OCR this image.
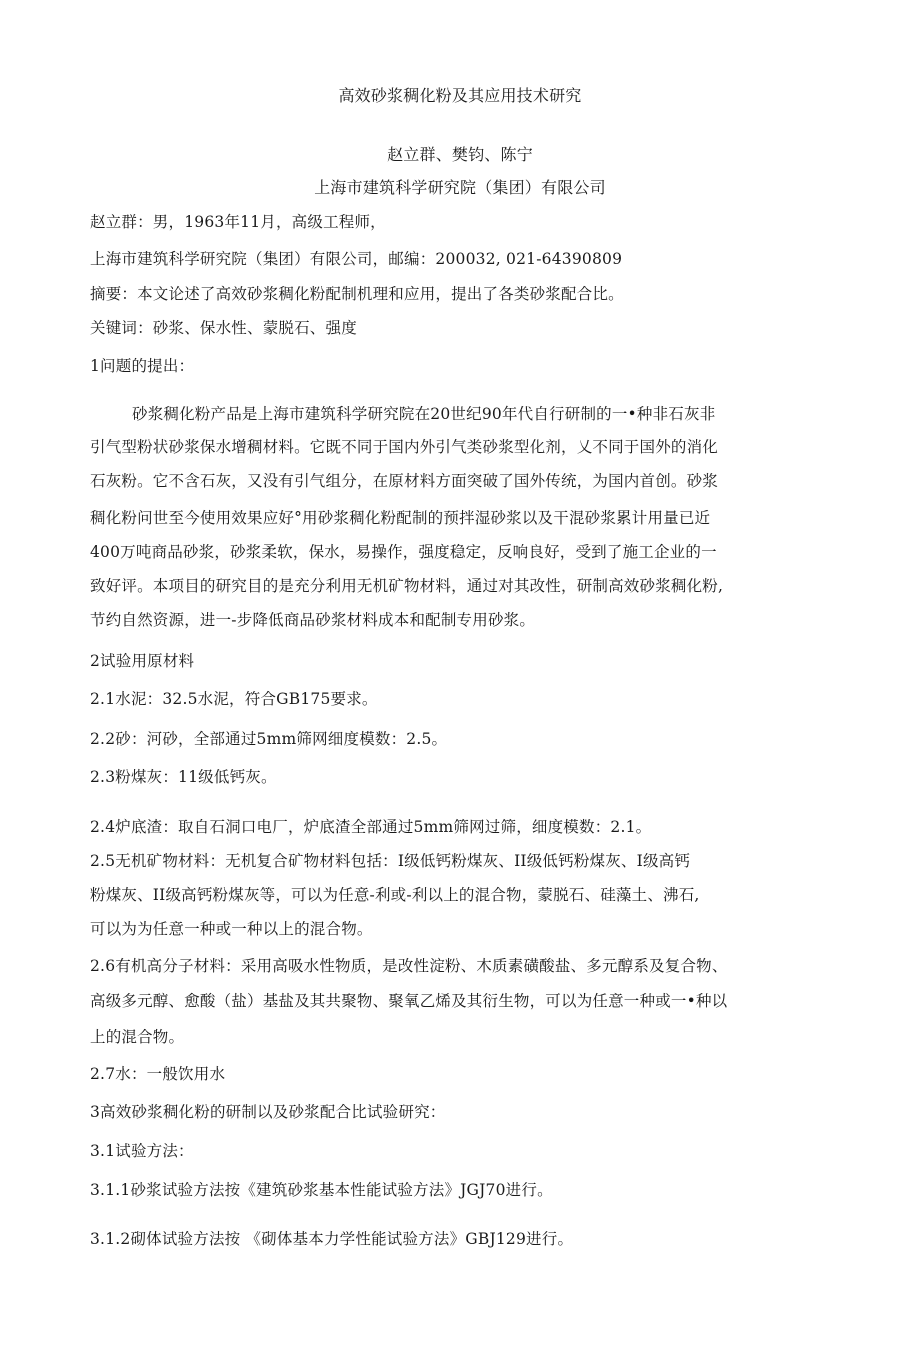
高效砂浆稠化粉及其应用技术研究
赵立群、樊钧、陈宁
上海市建筑科学研究院（集团）有限公司
赵立群：男，1963年11月，高级工程师，
上海市建筑科学研究院（集团）有限公司，邮编：200032, 021-64390809
摘要：本文论述了高效砂浆稠化粉配制机理和应用，提出了各类砂浆配合比。
关键词：砂浆、保水性、蒙脱石、强度
1问题的提出：
砂浆稠化粉产品是上海市建筑科学研究院在20世纪90年代自行研制的一•种非石灰非
引气型粉状砂浆保水增稠材料。它既不同于国内外引气类砂浆型化剂，乂不同于国外的消化
石灰粉。它不含石灰，又没有引气组分，在原材料方面突破了国外传统，为国内首创。砂浆
稠化粉问世至今使用效果应好°用砂浆稠化粉配制的预拌湿砂浆以及干混砂浆累计用量已近
400万吨商品砂浆，砂浆柔软，保水，易操作，强度稳定，反响良好，受到了施工企业的一
致好评。本项目的研究目的是充分利用无机矿物材料，通过对其改性，研制高效砂浆稠化粉,
节约自然资源，进一-步降低商品砂浆材料成本和配制专用砂浆。
2试验用原材料
2.1水泥：32.5水泥，符合GB175要求。
2.2砂：河砂，全部通过5mm筛网细度模数：2.5。
2.3粉煤灰：11级低钙灰。
2.4炉底渣：取自石洞口电厂，炉底渣全部通过5mm筛网过筛，细度模数：2.1。
2.5无机矿物材料：无机复合矿物材料包括：I级低钙粉煤灰、II级低钙粉煤灰、I级高钙
粉煤灰、II级高钙粉煤灰等，可以为任意-利或-利以上的混合物，蒙脱石、硅藻土、沸石,
可以为为任意一种或一种以上的混合物。
2.6有机高分子材料：采用高吸水性物质，是改性淀粉、木质素磺酸盐、多元醇系及复合物、
高级多元醇、愈酸（盐）基盐及其共聚物、聚氧乙烯及其衍生物，可以为任意一种或一•种以
上的混合物。
2.7水：一般饮用水
3高效砂浆稠化粉的研制以及砂浆配合比试验研究：
3.1试验方法：
3.1.1砂浆试验方法按《建筑砂浆基本性能试验方法》JGJ70进行。
3.1.2砌体试验方法按 《砌体基本力学性能试验方法》GBJ129进行。
